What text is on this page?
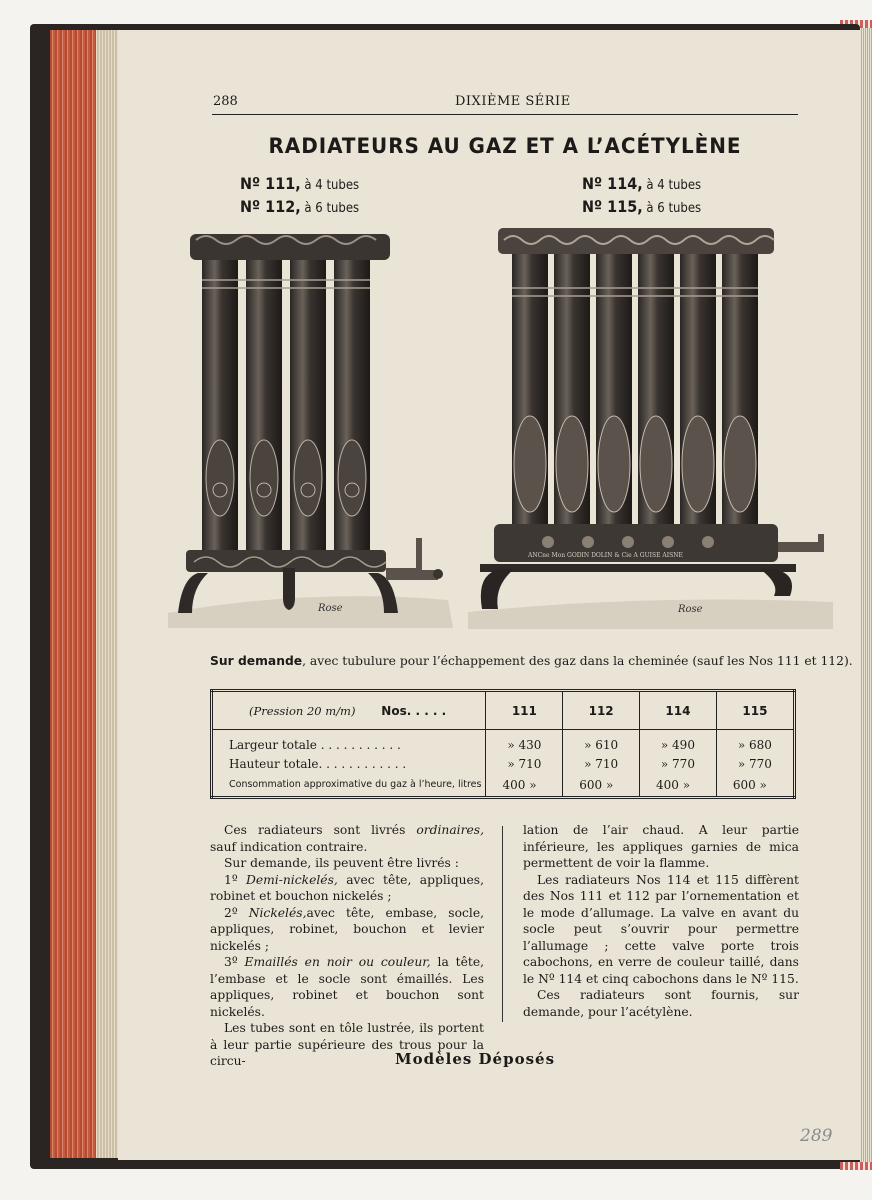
288	DIXIÈME SÉRIE
RADIATEURS AU GAZ ET A L’ACÉTYLÈNE
Nº 111, à 4 tubes
Nº 112, à 6 tubes
Nº 114, à 4 tubes
Nº 115, à 6 tubes
Rose
ANCne Mon GODIN DOLIN & Cie A GUISE AISNE
Rose
Sur demande, avec tubulure pour l’échappement des gaz dans la cheminée (sauf les Nos 111 et 112).
(Pression 20 m/m) Nos. . . . .	111	112	114	115
Largeur totale . . . . . . . . . . .	» 430	» 610	» 490	» 680
Hauteur totale. . . . . . . . . . . .	» 710	» 710	» 770	» 770
Consommation approximative du gaz à l’heure, litres	400 »	600 »	400 »	600 »

Ces radiateurs sont livrés ordinaires, sauf indication contraire.

Sur demande, ils peuvent être livrés :

1º Demi-nickelés, avec tête, appliques, robinet et bouchon nickelés ;

2º Nickelés,avec tête, embase, socle, appliques, robinet, bouchon et levier nickelés ;

3º Emaillés en noir ou couleur, la tête, l’embase et le socle sont émaillés. Les appliques, robinet et bouchon sont nickelés.

Les tubes sont en tôle lustrée, ils portent à leur partie supérieure des trous pour la circu-

lation de l’air chaud. A leur partie inférieure, les appliques garnies de mica permettent de voir la flamme.

Les radiateurs Nos 114 et 115 diffèrent des Nos 111 et 112 par l’ornementation et le mode d’allumage. La valve en avant du socle peut s’ouvrir pour permettre l’allumage ; cette valve porte trois cabochons, en verre de couleur taillé, dans le Nº 114 et cinq cabochons dans le Nº 115.

Ces radiateurs sont fournis, sur demande, pour l’acétylène.

Modèles Déposés
289
